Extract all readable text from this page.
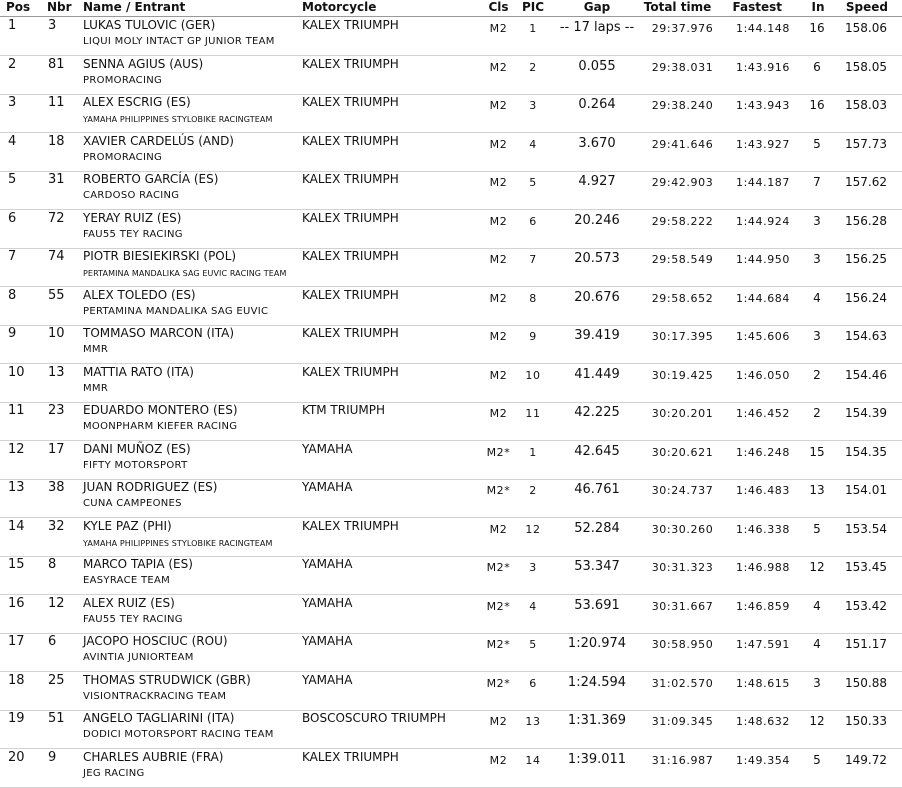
Pos Nbr Name / Entrant	Motorcycle	Cls	PIC	Gap	Total time	Fastest	In	Speed
1 3 LUKAS TULOVIC (GER)
LIQUI MOLY INTACT GP JUNIOR TEAM
KALEX TRIUMPH	M2	1	-- 17 laps --	29:37.976	1:44.148	16	158.06
2 81 SENNA AGIUS (AUS)
PROMORACING
KALEX TRIUMPH	M2	2	0.055	29:38.031	1:43.916	6	158.05
3 11 ALEX ESCRIG (ES)
YAMAHA PHILIPPINES STYLOBIKE RACINGTEAM
KALEX TRIUMPH	M2	3	0.264	29:38.240	1:43.943	16	158.03
4 18 XAVIER CARDELÚS (AND)
PROMORACING
KALEX TRIUMPH	M2	4	3.670	29:41.646	1:43.927	5	157.73
5 31 ROBERTO GARCÍA (ES)
CARDOSO RACING
KALEX TRIUMPH	M2	5	4.927	29:42.903	1:44.187	7	157.62
6 72 YERAY RUIZ (ES)
FAU55 TEY RACING
KALEX TRIUMPH	M2	6	20.246	29:58.222	1:44.924	3	156.28
7 74 PIOTR BIESIEKIRSKI (POL)
PERTAMINA MANDALIKA SAG EUVIC RACING TEAM
KALEX TRIUMPH	M2	7	20.573	29:58.549	1:44.950	3	156.25
8 55 ALEX TOLEDO (ES)
PERTAMINA MANDALIKA SAG EUVIC
KALEX TRIUMPH	M2	8	20.676	29:58.652	1:44.684	4	156.24
9 10 TOMMASO MARCON (ITA)
MMR
KALEX TRIUMPH	M2	9	39.419	30:17.395	1:45.606	3	154.63
10 13 MATTIA RATO (ITA)
MMR
KALEX TRIUMPH	M2	10	41.449	30:19.425	1:46.050	2	154.46
11 23 EDUARDO MONTERO (ES)
MOONPHARM KIEFER RACING
KTM TRIUMPH	M2	11	42.225	30:20.201	1:46.452	2	154.39
12 17 DANI MUÑOZ (ES)
FIFTY MOTORSPORT
YAMAHA	M2*	1	42.645	30:20.621	1:46.248	15	154.35
13 38 JUAN RODRIGUEZ (ES)
CUNA CAMPEONES
YAMAHA	M2*	2	46.761	30:24.737	1:46.483	13	154.01
14 32 KYLE PAZ (PHI)
YAMAHA PHILIPPINES STYLOBIKE RACINGTEAM
KALEX TRIUMPH	M2	12	52.284	30:30.260	1:46.338	5	153.54
15 8 MARCO TAPIA (ES)
EASYRACE TEAM
YAMAHA	M2*	3	53.347	30:31.323	1:46.988	12	153.45
16 12 ALEX RUIZ (ES)
FAU55 TEY RACING
YAMAHA	M2*	4	53.691	30:31.667	1:46.859	4	153.42
17 6 JACOPO HOSCIUC (ROU)
AVINTIA JUNIORTEAM
YAMAHA	M2*	5	1:20.974	30:58.950	1:47.591	4	151.17
18 25 THOMAS STRUDWICK (GBR)
VISIONTRACKRACING TEAM
YAMAHA	M2*	6	1:24.594	31:02.570	1:48.615	3	150.88
19 51 ANGELO TAGLIARINI (ITA)
DODICI MOTORSPORT RACING TEAM
BOSCOSCURO TRIUMPH	M2	13	1:31.369	31:09.345	1:48.632	12	150.33
20 9 CHARLES AUBRIE (FRA)
JEG RACING
KALEX TRIUMPH	M2	14	1:39.011	31:16.987	1:49.354	5	149.72
